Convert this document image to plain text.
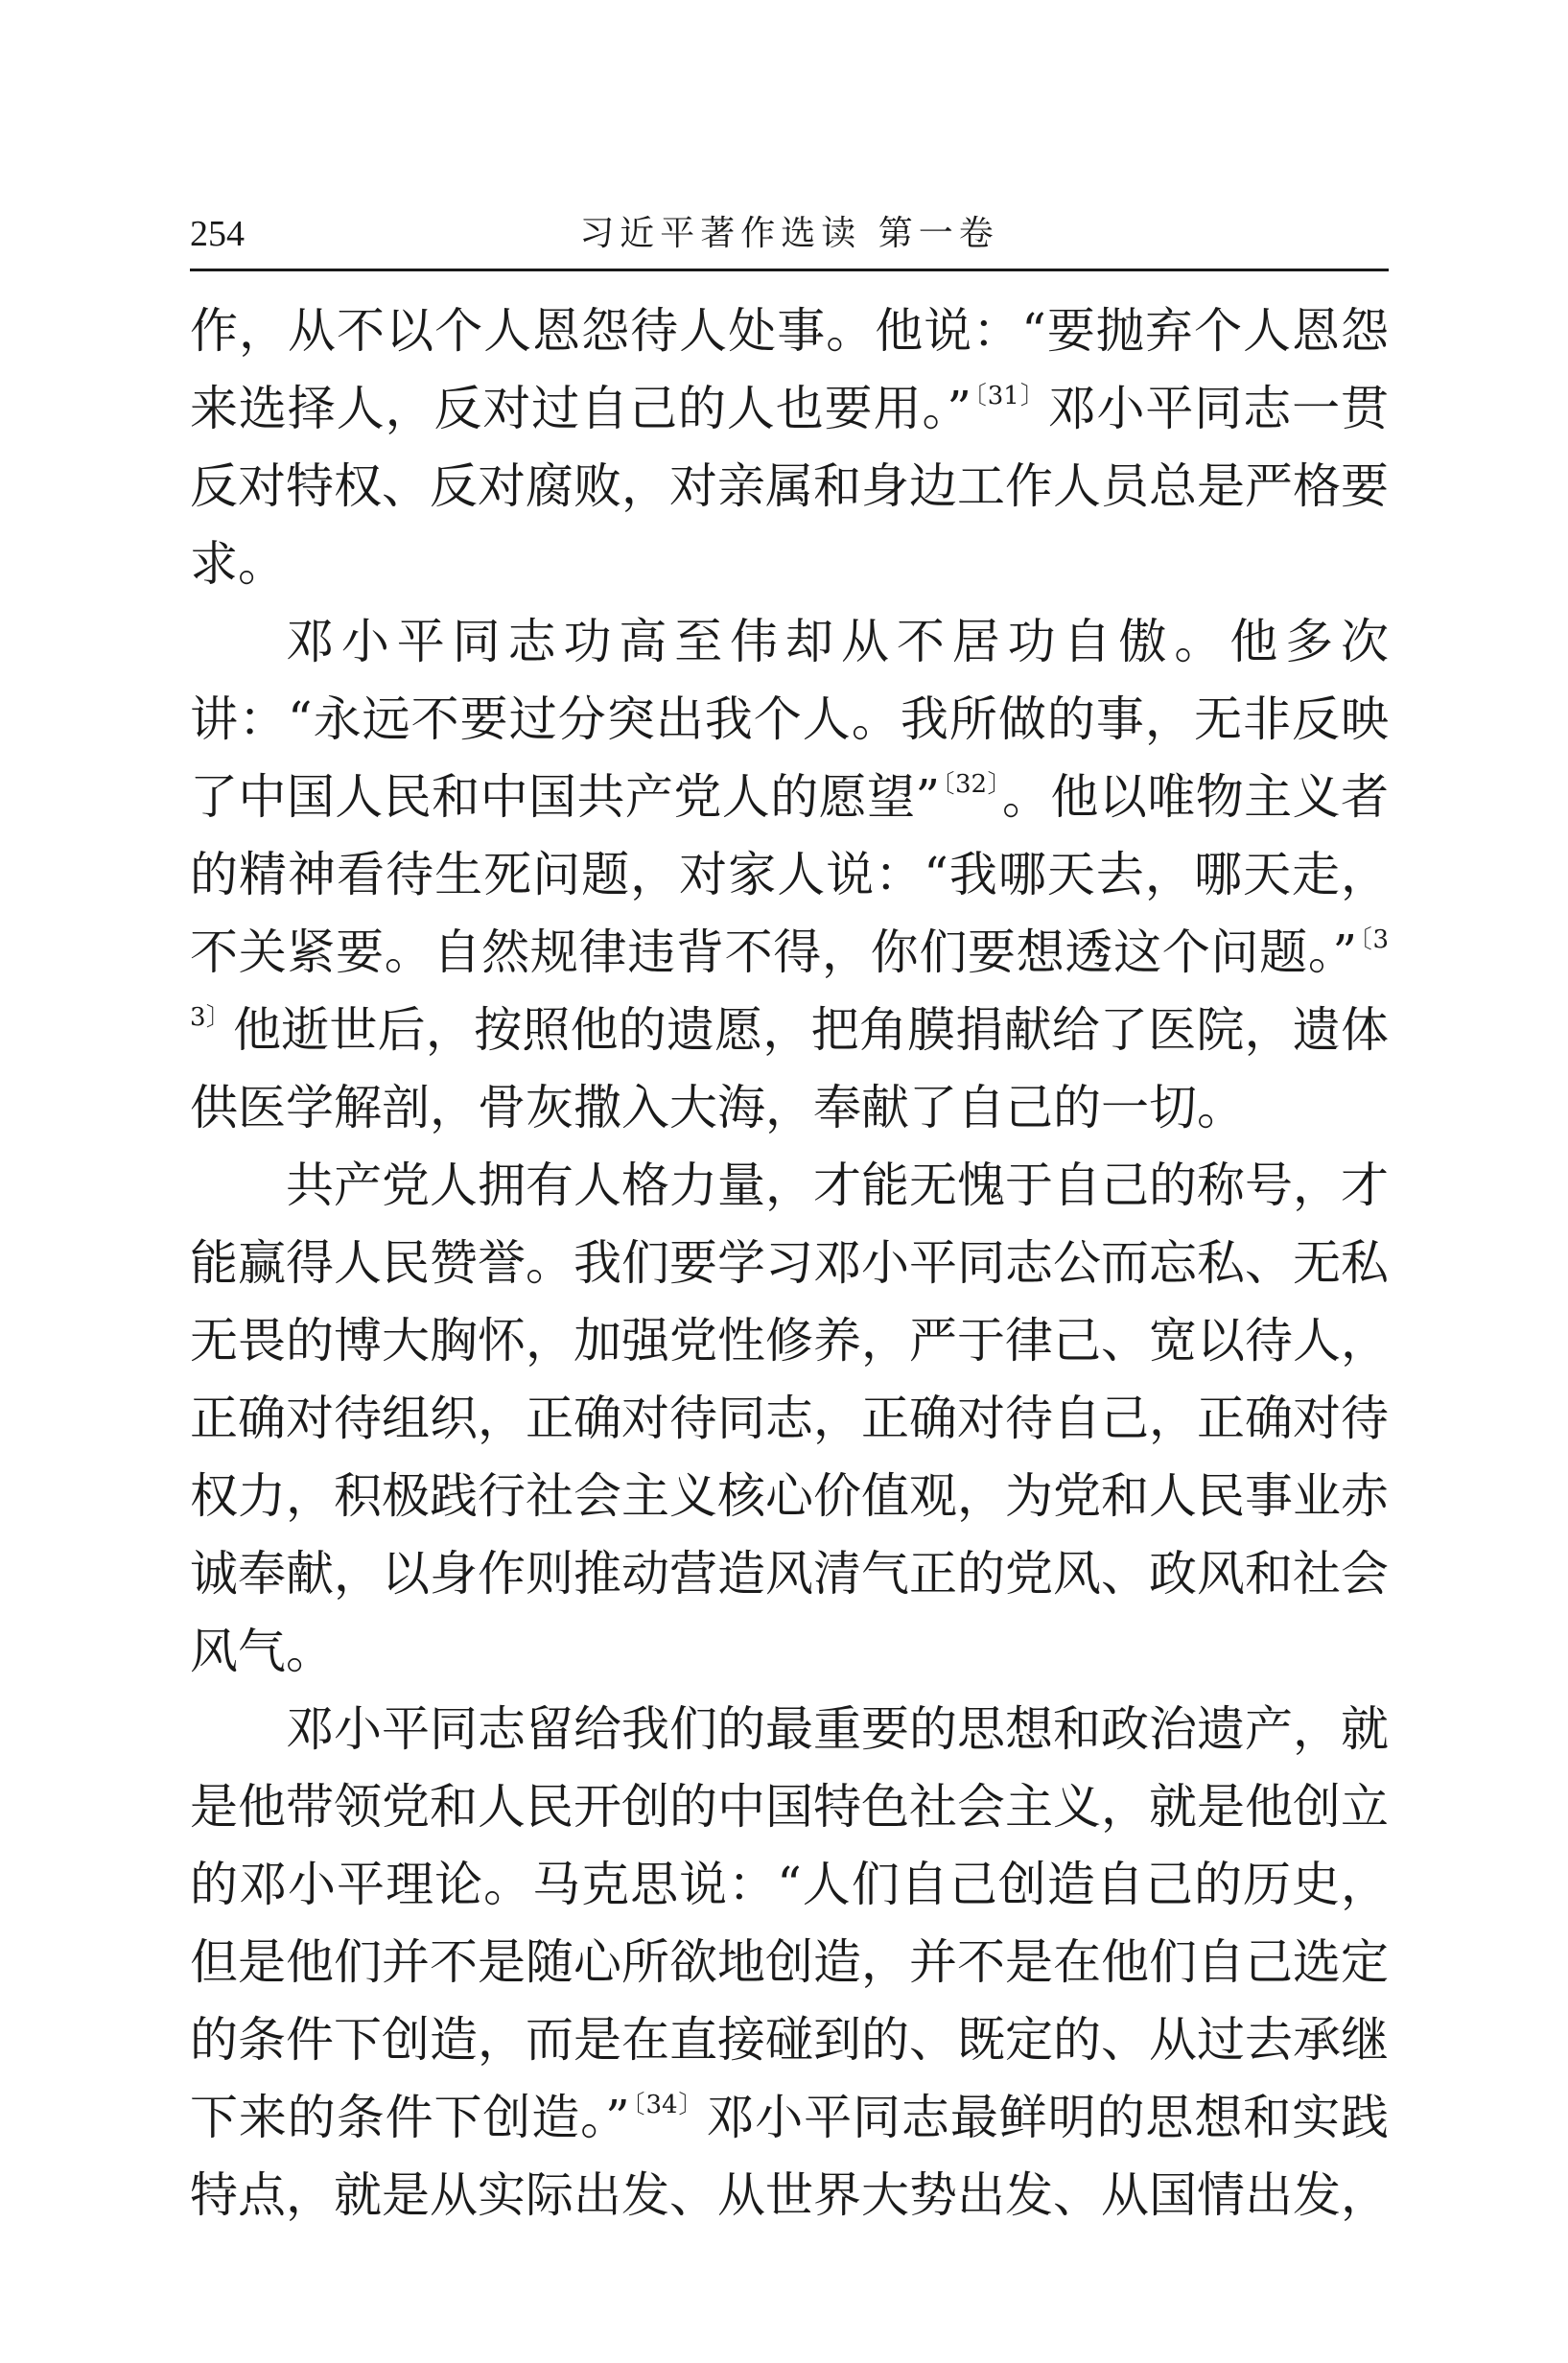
254	习近平著作选读 第一卷

作，从不以个人恩怨待人处事。他说：“要抛弃个人恩怨来选择人，反对过自己的人也要用。”$^{〔31〕}$邓小平同志一贯反对特权、反对腐败，对亲属和身边工作人员总是严格要求。

邓小平同志功高至伟却从不居功自傲。他多次讲：“永远不要过分突出我个人。我所做的事，无非反映了中国人民和中国共产党人的愿望”$^{〔32〕}$。他以唯物主义者的精神看待生死问题，对家人说：“我哪天去，哪天走，不关紧要。自然规律违背不得，你们要想透这个问题。”$^{〔33〕}$他逝世后，按照他的遗愿，把角膜捐献给了医院，遗体供医学解剖，骨灰撒入大海，奉献了自己的一切。

共产党人拥有人格力量，才能无愧于自己的称号，才能赢得人民赞誉。我们要学习邓小平同志公而忘私、无私无畏的博大胸怀，加强党性修养，严于律己、宽以待人，正确对待组织，正确对待同志，正确对待自己，正确对待权力，积极践行社会主义核心价值观，为党和人民事业赤诚奉献，以身作则推动营造风清气正的党风、政风和社会风气。

邓小平同志留给我们的最重要的思想和政治遗产，就是他带领党和人民开创的中国特色社会主义，就是他创立的邓小平理论。马克思说：“人们自己创造自己的历史，但是他们并不是随心所欲地创造，并不是在他们自己选定的条件下创造，而是在直接碰到的、既定的、从过去承继下来的条件下创造。”$^{〔34〕}$邓小平同志最鲜明的思想和实践特点，就是从实际出发、从世界大势出发、从国情出发，
